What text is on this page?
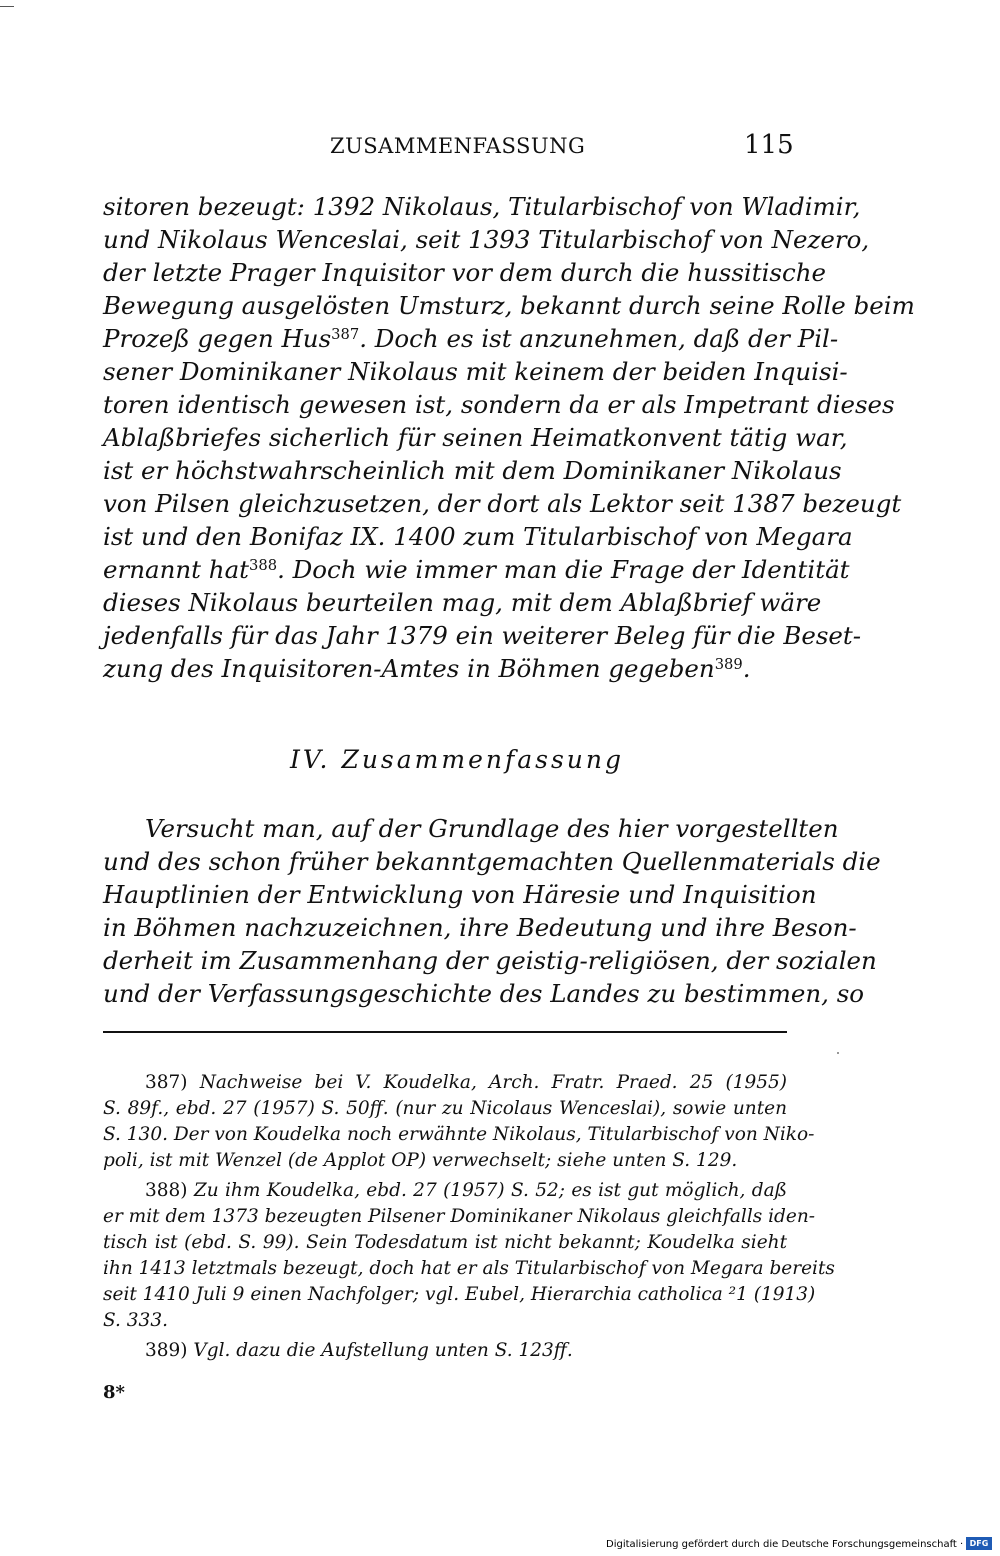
ZUSAMMENFASSUNG	115
sitoren bezeugt: 1392 Nikolaus, Titularbischof von Wladimir,
und Nikolaus Wenceslai, seit 1393 Titularbischof von Nezero,
der letzte Prager Inquisitor vor dem durch die hussitische
Bewegung ausgelösten Umsturz, bekannt durch seine Rolle beim
Prozeß gegen Hus$^{387}$. Doch es ist anzunehmen, daß der Pil-
sener Dominikaner Nikolaus mit keinem der beiden Inquisi-
toren identisch gewesen ist, sondern da er als Impetrant dieses
Ablaßbriefes sicherlich für seinen Heimatkonvent tätig war,
ist er höchstwahrscheinlich mit dem Dominikaner Nikolaus
von Pilsen gleichzusetzen, der dort als Lektor seit 1387 bezeugt
ist und den Bonifaz IX. 1400 zum Titularbischof von Megara
ernannt hat$^{388}$. Doch wie immer man die Frage der Identität
dieses Nikolaus beurteilen mag, mit dem Ablaßbrief wäre
jedenfalls für das Jahr 1379 ein weiterer Beleg für die Beset-
zung des Inquisitoren-Amtes in Böhmen gegeben$^{389}$.
IV. Zusammenfassung
Versucht man, auf der Grundlage des hier vorgestellten
und des schon früher bekanntgemachten Quellenmaterials die
Hauptlinien der Entwicklung von Häresie und Inquisition
in Böhmen nachzuzeichnen, ihre Bedeutung und ihre Beson-
derheit im Zusammenhang der geistig-religiösen, der sozialen
und der Verfassungsgeschichte des Landes zu bestimmen, so
387) Nachweise bei V. Koudelka, Arch. Fratr. Praed. 25 (1955)
S. 89f., ebd. 27 (1957) S. 50ff. (nur zu Nicolaus Wenceslai), sowie unten
S. 130. Der von Koudelka noch erwähnte Nikolaus, Titularbischof von Niko-
poli, ist mit Wenzel (de Applot OP) verwechselt; siehe unten S. 129.
388) Zu ihm Koudelka, ebd. 27 (1957) S. 52; es ist gut möglich, daß
er mit dem 1373 bezeugten Pilsener Dominikaner Nikolaus gleichfalls iden-
tisch ist (ebd. S. 99). Sein Todesdatum ist nicht bekannt; Koudelka sieht
ihn 1413 letztmals bezeugt, doch hat er als Titularbischof von Megara bereits
seit 1410 Juli 9 einen Nachfolger; vgl. Eubel, Hierarchia catholica ²1 (1913)
S. 333.
389) Vgl. dazu die Aufstellung unten S. 123ff.
8*
Digitalisierung gefördert durch die Deutsche Forschungsgemeinschaft · DFG
